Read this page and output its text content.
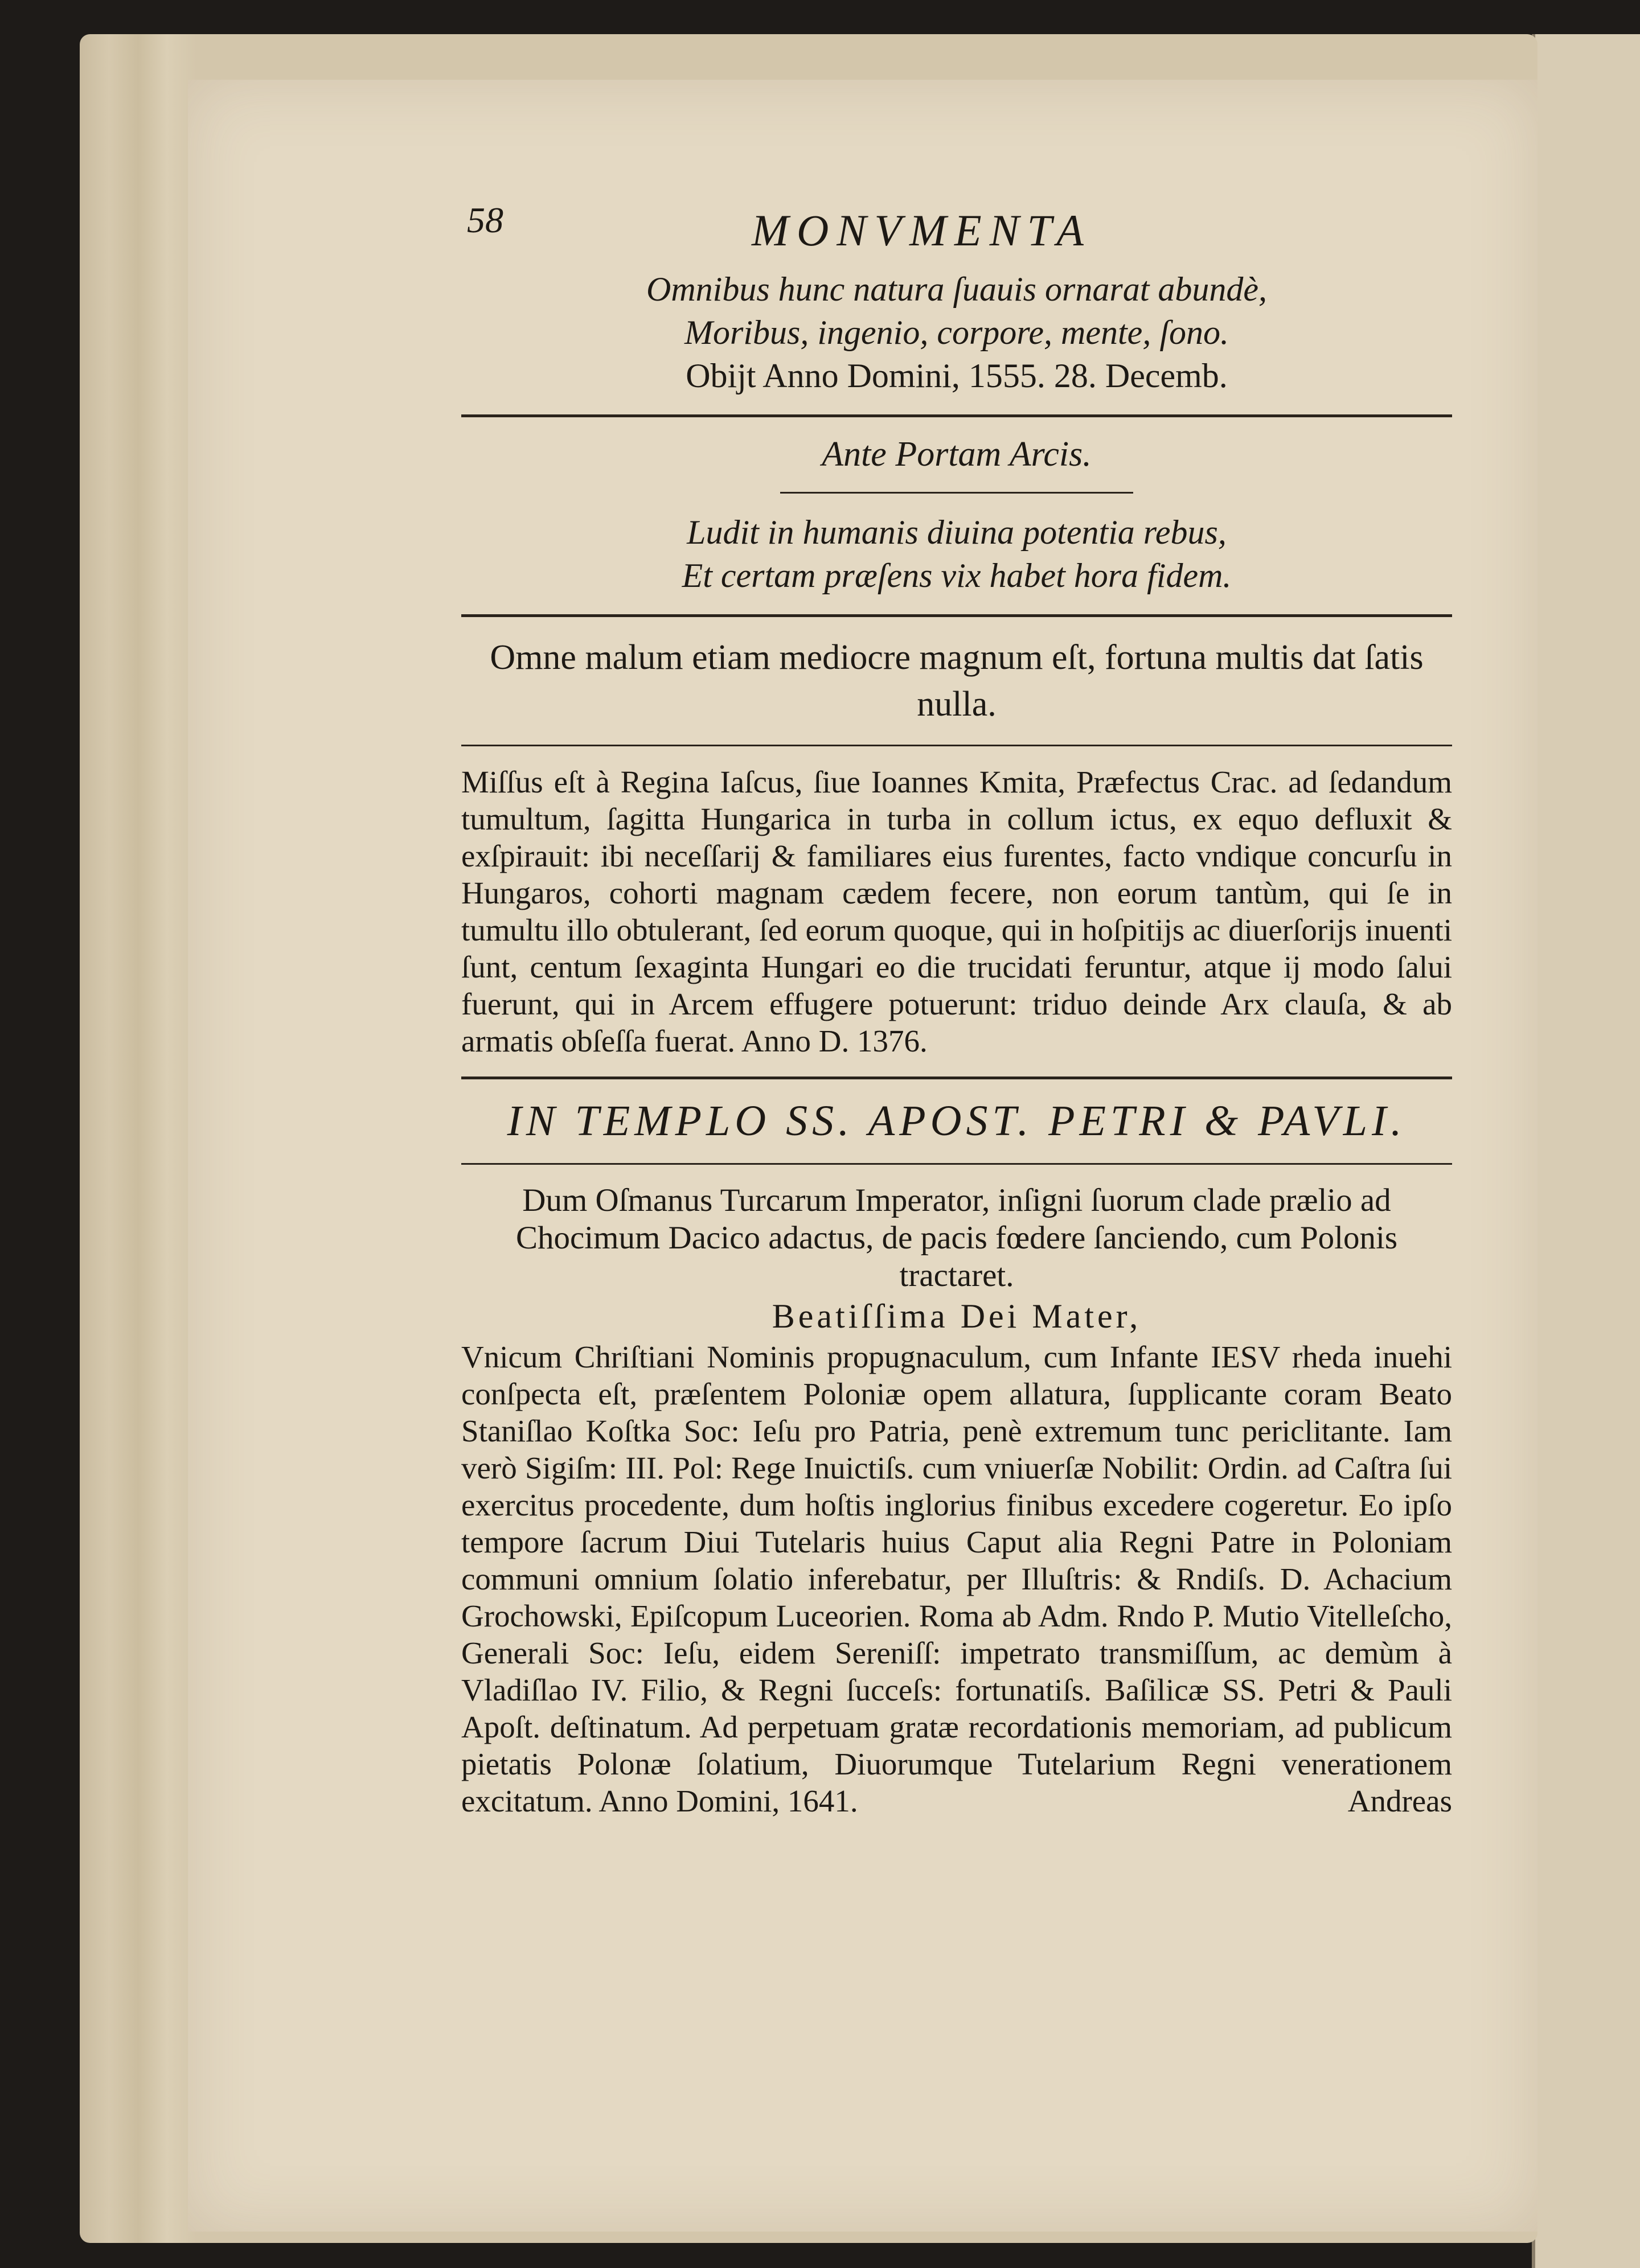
58	MONVMENTA
Omnibus hunc natura ſuauis ornarat abundè,
Moribus, ingenio, corpore, mente, ſono.
Obijt Anno Domini, 1555. 28. Decemb.
Ante Portam Arcis.
Ludit in humanis diuina potentia rebus,
Et certam præſens vix habet hora fidem.
Omne malum etiam mediocre magnum eſt, fortuna multis dat ſatis nulla.

Miſſus eſt à Regina Iaſcus, ſiue Ioannes Kmita, Præfectus Crac. ad ſedandum tumultum, ſagitta Hungarica in turba in collum ictus, ex equo defluxit & exſpirauit: ibi neceſſarij & familiares eius furentes, facto vndique concurſu in Hungaros, cohorti magnam cædem fecere, non eorum tantùm, qui ſe in tumultu illo obtulerant, ſed eorum quoque, qui in hoſpitijs ac diuerſorijs inuenti ſunt, centum ſexaginta Hungari eo die trucidati feruntur, atque ij modo ſalui fuerunt, qui in Arcem effugere potuerunt: triduo deinde Arx clauſa, & ab armatis obſeſſa fuerat. Anno D. 1376.

IN TEMPLO SS. APOST. PETRI & PAVLI.
Dum Oſmanus Turcarum Imperator, inſigni ſuorum clade prælio ad Chocimum Dacico adactus, de pacis fœdere ſanciendo, cum Polonis tractaret.
Beatiſſima Dei Mater,

Vnicum Chriſtiani Nominis propugnaculum, cum Infante IESV rheda inuehi conſpecta eſt, præſentem Poloniæ opem allatura, ſupplicante coram Beato Staniſlao Koſtka Soc: Ieſu pro Patria, penè extremum tunc periclitante. Iam verò Sigiſm: III. Pol: Rege Inuictiſs. cum vniuerſæ Nobilit: Ordin. ad Caſtra ſui exercitus procedente, dum hoſtis inglorius finibus excedere cogeretur. Eo ipſo tempore ſacrum Diui Tutelaris huius Caput alia Regni Patre in Poloniam communi omnium ſolatio inferebatur, per Illuſtris: & Rndiſs. D. Achacium Grochowski, Epiſcopum Luceorien. Roma ab Adm. Rndo P. Mutio Vitelleſcho, Generali Soc: Ieſu, eidem Sereniſſ: impetrato transmiſſum, ac demùm à Vladiſlao IV. Filio, & Regni ſucceſs: fortunatiſs. Baſilicæ SS. Petri & Pauli Apoſt. deſtinatum. Ad perpetuam gratæ recordationis memoriam, ad publicum pietatis Polonæ ſolatium, Diuorumque Tutelarium Regni venerationem excitatum. Anno Domini, 1641.	Andreas
